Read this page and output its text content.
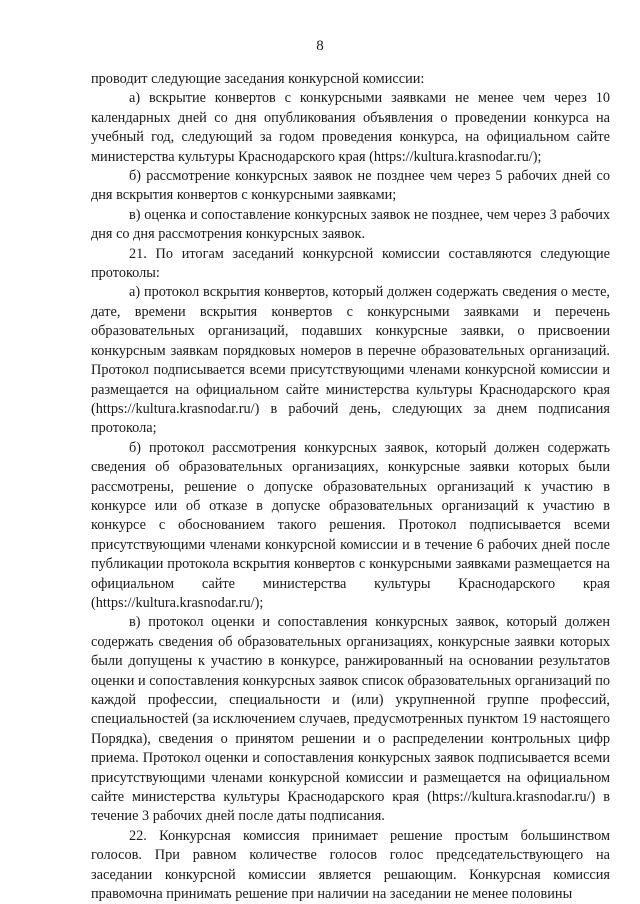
8

проводит следующие заседания конкурсной комиссии:

а) вскрытие конвертов с конкурсными заявками не менее чем через 10 календарных дней со дня опубликования объявления о проведении конкурса на учебный год, следующий за годом проведения конкурса, на официальном сайте министерства культуры Краснодарского края (https://kultura.krasnodar.ru/);

б) рассмотрение конкурсных заявок не позднее чем через 5 рабочих дней со дня вскрытия конвертов с конкурсными заявками;

в) оценка и сопоставление конкурсных заявок не позднее, чем через 3 рабочих дня со дня рассмотрения конкурсных заявок.

21. По итогам заседаний конкурсной комиссии составляются следующие протоколы:

а) протокол вскрытия конвертов, который должен содержать сведения о месте, дате, времени вскрытия конвертов с конкурсными заявками и перечень образовательных организаций, подавших конкурсные заявки, о присвоении конкурсным заявкам порядковых номеров в перечне образовательных организаций. Протокол подписывается всеми присутствующими членами конкурсной комиссии и размещается на официальном сайте министерства культуры Краснодарского края (https://kultura.krasnodar.ru/) в рабочий день, следующих за днем подписания протокола;

б) протокол рассмотрения конкурсных заявок, который должен содержать сведения об образовательных организациях, конкурсные заявки которых были рассмотрены, решение о допуске образовательных организаций к участию в конкурсе или об отказе в допуске образовательных организаций к участию в конкурсе с обоснованием такого решения. Протокол подписывается всеми присутствующими членами конкурсной комиссии и в течение 6 рабочих дней после публикации протокола вскрытия конвертов с конкурсными заявками размещается на официальном сайте министерства культуры Краснодарского края (https://kultura.krasnodar.ru/);

в) протокол оценки и сопоставления конкурсных заявок, который должен содержать сведения об образовательных организациях, конкурсные заявки которых были допущены к участию в конкурсе, ранжированный на основании результатов оценки и сопоставления конкурсных заявок список образовательных организаций по каждой профессии, специальности и (или) укрупненной группе профессий, специальностей (за исключением случаев, предусмотренных пунктом 19 настоящего Порядка), сведения о принятом решении и о распределении контрольных цифр приема. Протокол оценки и сопоставления конкурсных заявок подписывается всеми присутствующими членами конкурсной комиссии и размещается на официальном сайте министерства культуры Краснодарского края (https://kultura.krasnodar.ru/) в течение 3 рабочих дней после даты подписания.

22. Конкурсная комиссия принимает решение простым большинством голосов. При равном количестве голосов голос председательствующего на заседании конкурсной комиссии является решающим. Конкурсная комиссия правомочна принимать решение при наличии на заседании не менее половины
